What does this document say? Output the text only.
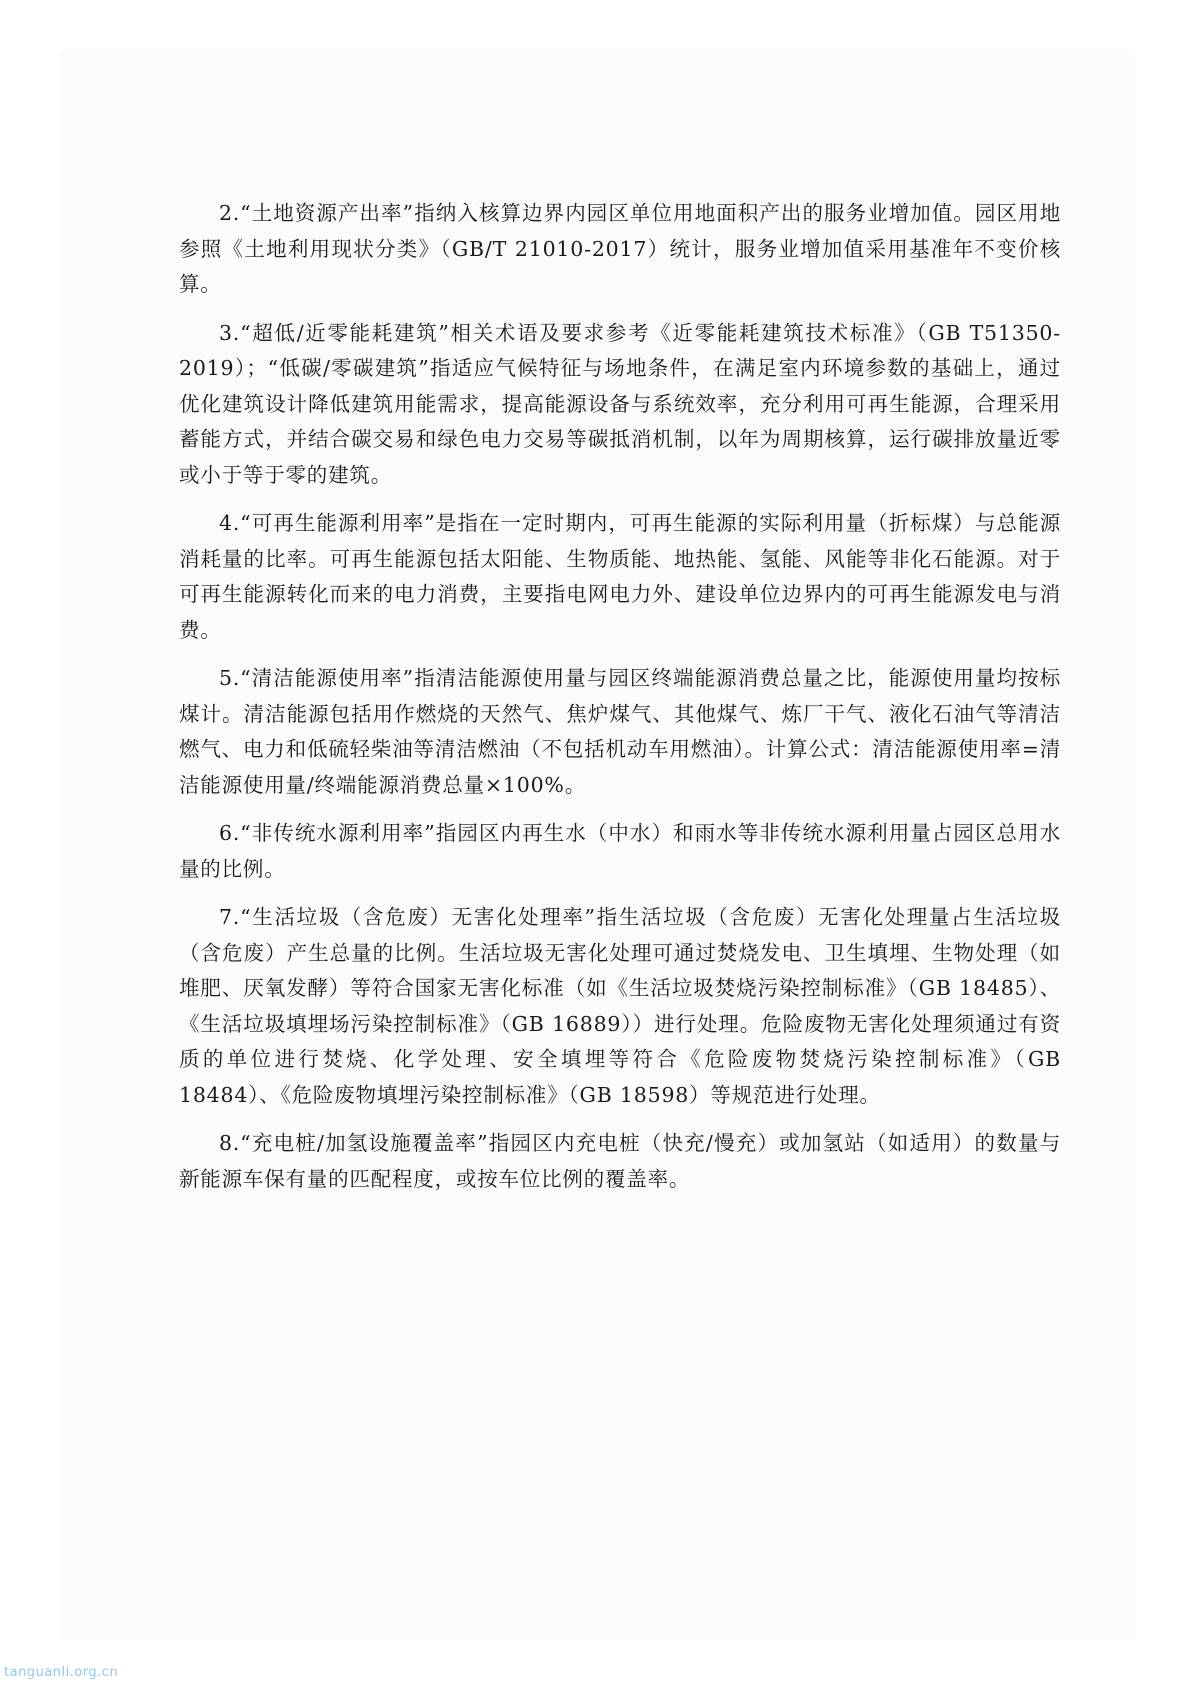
2.“土地资源产出率”指纳入核算边界内园区单位用地面积产出的服务业增加值。园区用地参照《土地利用现状分类》（GB/T 21010-2017）统计，服务业增加值采用基准年不变价核算。

3.“超低/近零能耗建筑”相关术语及要求参考《近零能耗建筑技术标准》（GB T51350-2019）；“低碳/零碳建筑”指适应气候特征与场地条件，在满足室内环境参数的基础上，通过优化建筑设计降低建筑用能需求，提高能源设备与系统效率，充分利用可再生能源，合理采用蓄能方式，并结合碳交易和绿色电力交易等碳抵消机制，以年为周期核算，运行碳排放量近零或小于等于零的建筑。

4.“可再生能源利用率”是指在一定时期内，可再生能源的实际利用量（折标煤）与总能源消耗量的比率。可再生能源包括太阳能、生物质能、地热能、氢能、风能等非化石能源。对于可再生能源转化而来的电力消费，主要指电网电力外、建设单位边界内的可再生能源发电与消费。

5.“清洁能源使用率”指清洁能源使用量与园区终端能源消费总量之比，能源使用量均按标煤计。清洁能源包括用作燃烧的天然气、焦炉煤气、其他煤气、炼厂干气、液化石油气等清洁燃气、电力和低硫轻柴油等清洁燃油（不包括机动车用燃油）。计算公式：清洁能源使用率=清洁能源使用量/终端能源消费总量×100%。

6.“非传统水源利用率”指园区内再生水（中水）和雨水等非传统水源利用量占园区总用水量的比例。

7.“生活垃圾（含危废）无害化处理率”指生活垃圾（含危废）无害化处理量占生活垃圾（含危废）产生总量的比例。生活垃圾无害化处理可通过焚烧发电、卫生填埋、生物处理（如堆肥、厌氧发酵）等符合国家无害化标准（如《生活垃圾焚烧污染控制标准》（GB 18485）、《生活垃圾填埋场污染控制标准》（GB 16889））进行处理。危险废物无害化处理须通过有资质的单位进行焚烧、化学处理、安全填埋等符合《危险废物焚烧污染控制标准》（GB 18484）、《危险废物填埋污染控制标准》（GB 18598）等规范进行处理。

8.“充电桩/加氢设施覆盖率”指园区内充电桩（快充/慢充）或加氢站（如适用）的数量与新能源车保有量的匹配程度，或按车位比例的覆盖率。

tanguanli.org.cn
